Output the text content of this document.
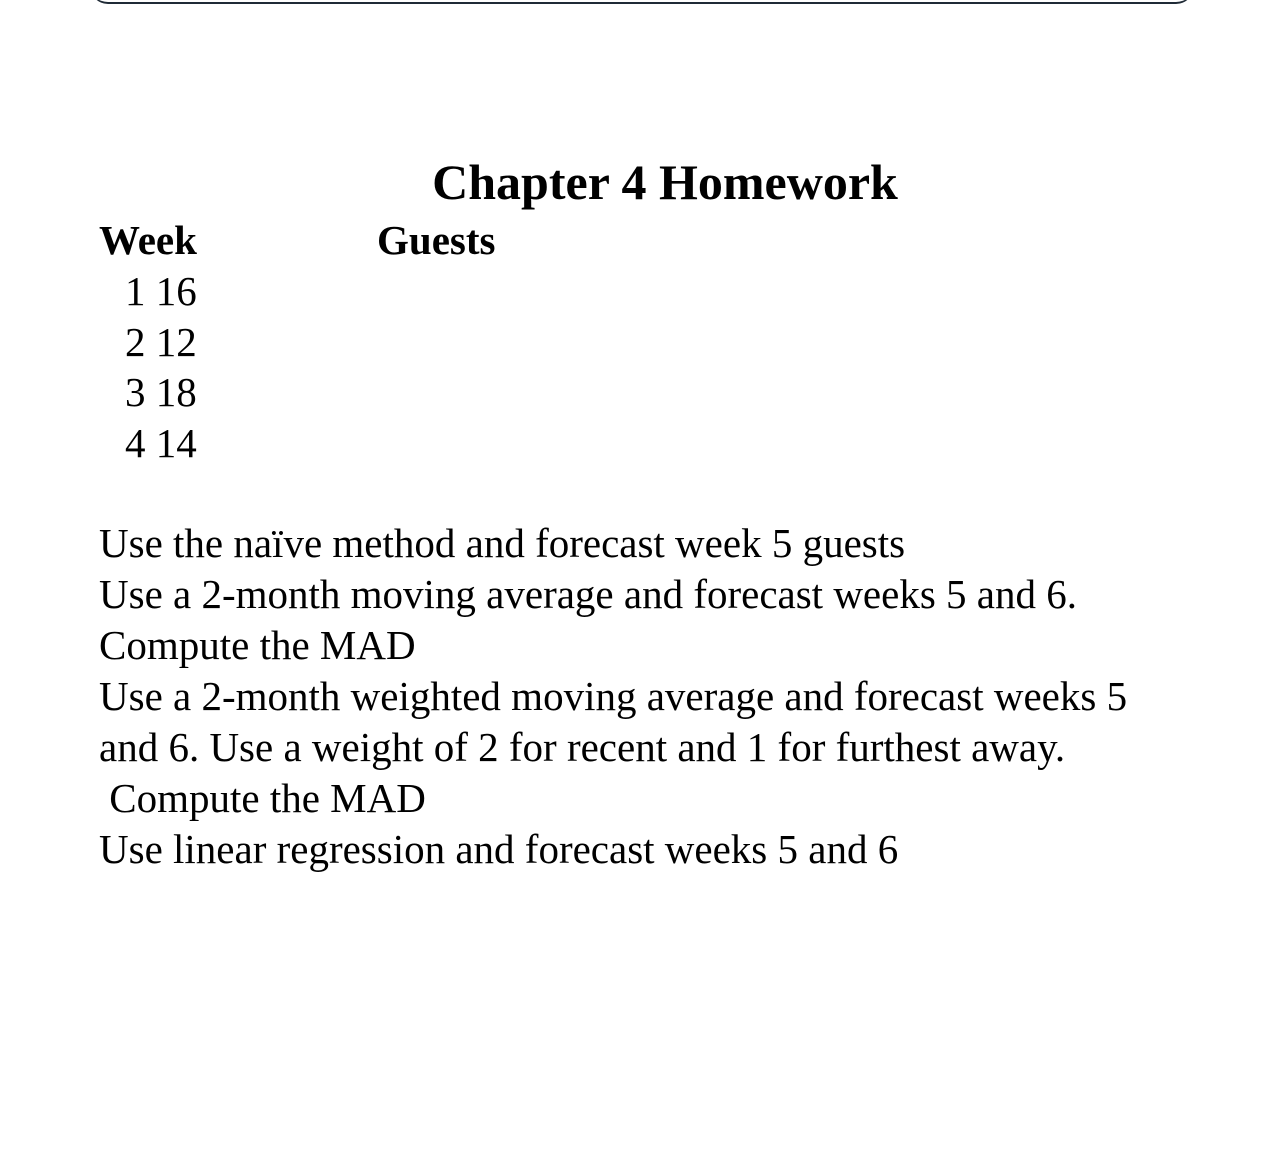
Chapter 4 Homework
Week	Guests
1 16
2 12
3 18
4 14
Use the naïve method and forecast week 5 guests
Use a 2-month moving average and forecast weeks 5 and 6.
Compute the MAD
Use a 2-month weighted moving average and forecast weeks 5
and 6. Use a weight of 2 for recent and 1 for furthest away.
Compute the MAD
Use linear regression and forecast weeks 5 and 6
